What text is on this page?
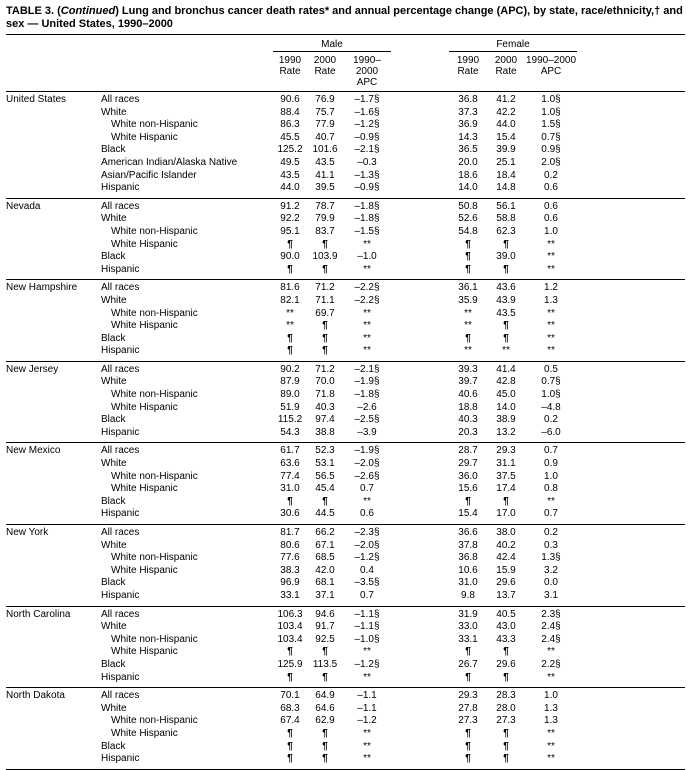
TABLE 3. (Continued) Lung and bronchus cancer death rates* and annual percentage change (APC), by state, race/ethnicity,† and sex — United States, 1990–2000
Male	Female
1990
Rate
2000
Rate
1990–2000
APC
1990
Rate
2000
Rate
1990–2000
APC
United States	All races	90.6	76.9	–1.7§	36.8	41.2	1.0§
White	88.4	75.7	–1.6§	37.3	42.2	1.0§
White non-Hispanic	86.3	77.9	–1.2§	36.9	44.0	1.5§
White Hispanic	45.5	40.7	–0.9§	14.3	15.4	0.7§
Black	125.2 101.6	–2.1§	36.5	39.9	0.9§
American Indian/Alaska Native	49.5	43.5	–0.3	20.0	25.1	2.0§
Asian/Pacific Islander	43.5	41.1	–1.3§	18.6	18.4	0.2
Hispanic	44.0	39.5	–0.9§	14.0	14.8	0.6
Nevada	All races	91.2	78.7	–1.8§	50.8	56.1	0.6
White	92.2	79.9	–1.8§	52.6	58.8	0.6
White non-Hispanic	95.1	83.7	–1.5§	54.8	62.3	1.0
White Hispanic	¶	¶	**	¶	¶	**
Black	90.0	103.9	–1.0	¶	39.0	**
Hispanic	¶	¶	**	¶	¶	**
New Hampshire	All races	81.6	71.2	–2.2§	36.1	43.6	1.2
White	82.1	71.1	–2.2§	35.9	43.9	1.3
White non-Hispanic	**	69.7	**	**	43.5	**
White Hispanic	**	¶	**	**	¶	**
Black	¶	¶	**	¶	¶	**
Hispanic	¶	¶	**	**	**	**
New Jersey	All races	90.2	71.2	–2.1§	39.3	41.4	0.5
White	87.9	70.0	–1.9§	39.7	42.8	0.7§
White non-Hispanic	89.0	71.8	–1.8§	40.6	45.0	1.0§
White Hispanic	51.9	40.3	–2.6	18.8	14.0	–4.8
Black	115.2	97.4	–2.5§	40.3	38.9	0.2
Hispanic	54.3	38.8	–3.9	20.3	13.2	–6.0
New Mexico	All races	61.7	52.3	–1.9§	28.7	29.3	0.7
White	63.6	53.1	–2.0§	29.7	31.1	0.9
White non-Hispanic	77.4	56.5	–2.6§	36.0	37.5	1.0
White Hispanic	31.0	45.4	0.7	15.6	17.4	0.8
Black	¶	¶	**	¶	¶	**
Hispanic	30.6	44.5	0.6	15.4	17.0	0.7
New York	All races	81.7	66.2	–2.3§	36.6	38.0	0.2
White	80.6	67.1	–2.0§	37.8	40.2	0.3
White non-Hispanic	77.6	68.5	–1.2§	36.8	42.4	1.3§
White Hispanic	38.3	42.0	0.4	10.6	15.9	3.2
Black	96.9	68.1	–3.5§	31.0	29.6	0.0
Hispanic	33.1	37.1	0.7	9.8	13.7	3.1
North Carolina	All races	106.3	94.6	–1.1§	31.9	40.5	2.3§
White	103.4	91.7	–1.1§	33.0	43.0	2.4§
White non-Hispanic	103.4	92.5	–1.0§	33.1	43.3	2.4§
White Hispanic	¶	¶	**	¶	¶	**
Black	125.9	113.5	–1.2§	26.7	29.6	2.2§
Hispanic	¶	¶	**	¶	¶	**
North Dakota	All races	70.1	64.9	–1.1	29.3	28.3	1.0
White	68.3	64.6	–1.1	27.8	28.0	1.3
White non-Hispanic	67.4	62.9	–1.2	27.3	27.3	1.3
White Hispanic	¶	¶	**	¶	¶	**
Black	¶	¶	**	¶	¶	**
Hispanic	¶	¶	**	¶	¶	**
